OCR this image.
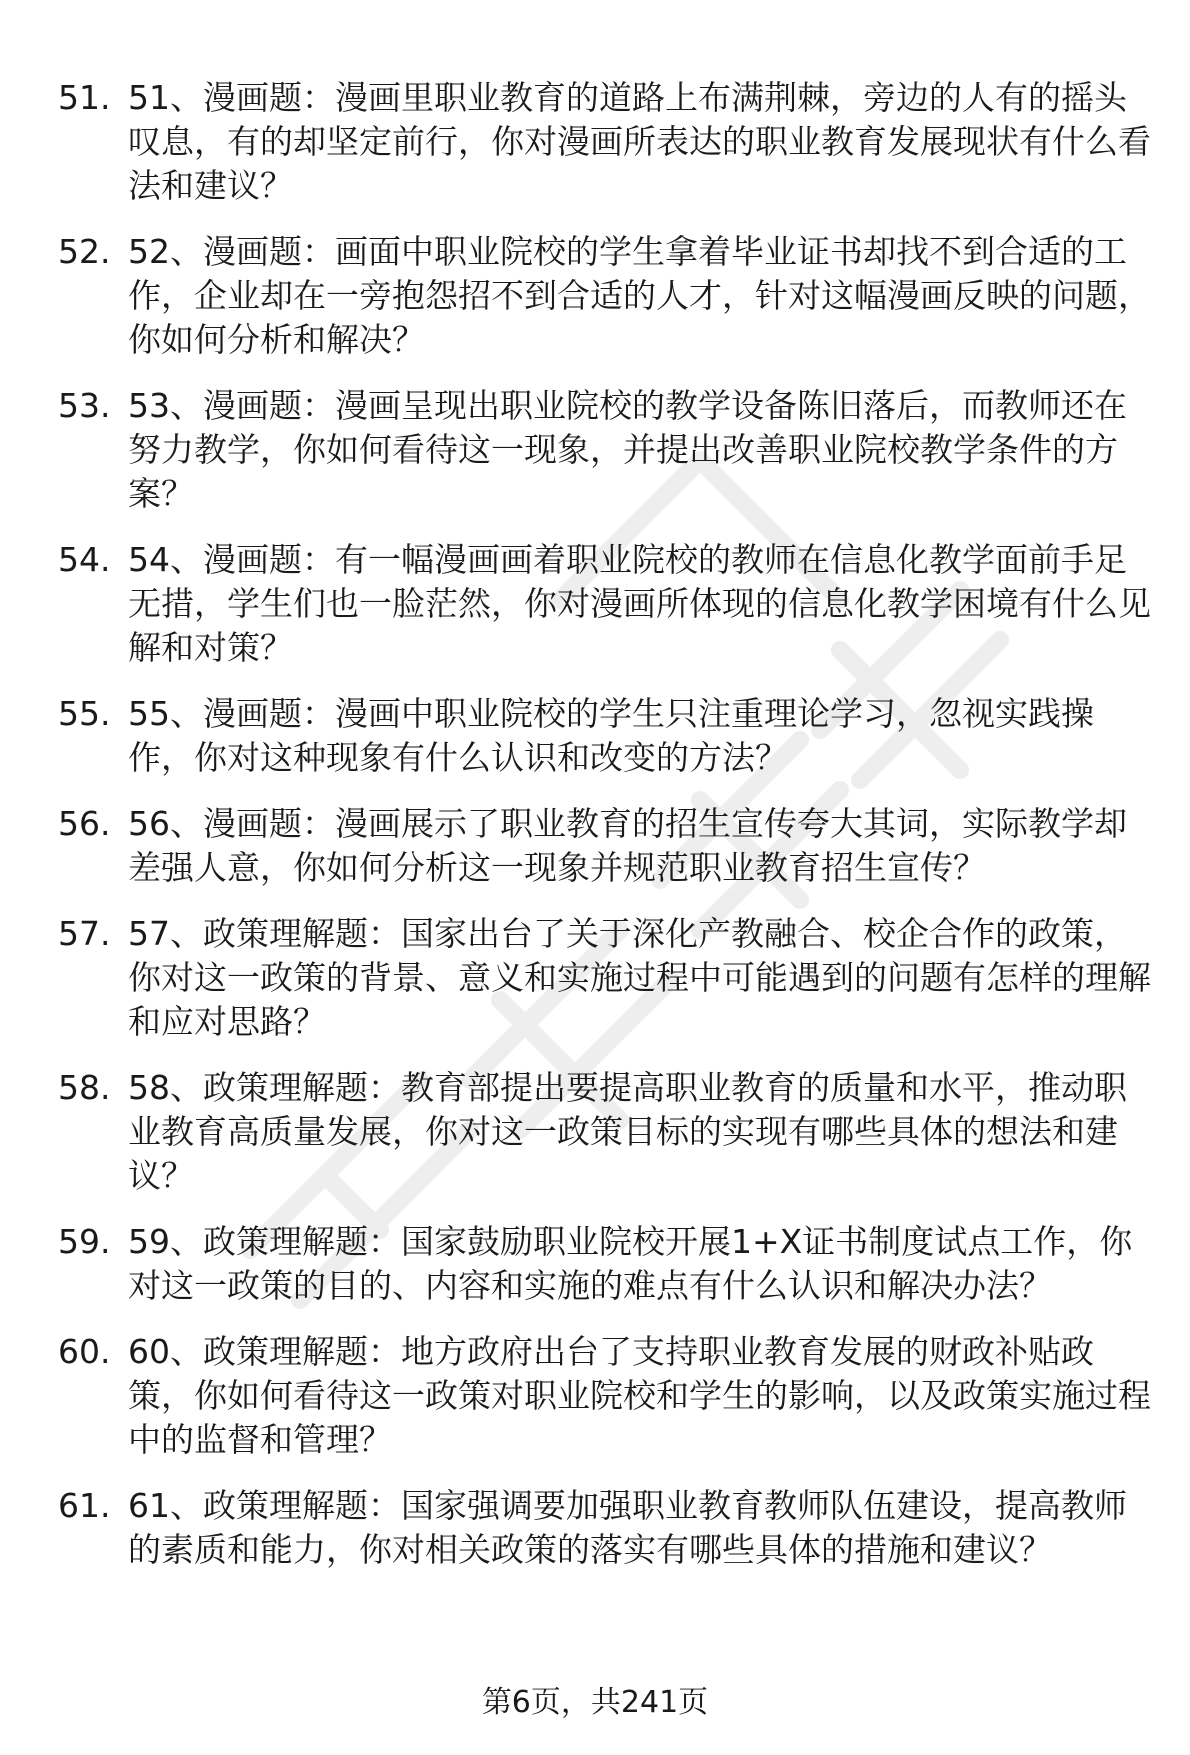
51. 51、漫画题：漫画里职业教育的道路上布满荆棘，旁边的人有的摇头叹息，有的却坚定前行，你对漫画所表达的职业教育发展现状有什么看法和建议？
52. 52、漫画题：画面中职业院校的学生拿着毕业证书却找不到合适的工作，企业却在一旁抱怨招不到合适的人才，针对这幅漫画反映的问题，你如何分析和解决？
53. 53、漫画题：漫画呈现出职业院校的教学设备陈旧落后，而教师还在努力教学，你如何看待这一现象，并提出改善职业院校教学条件的方案？
54. 54、漫画题：有一幅漫画画着职业院校的教师在信息化教学面前手足无措，学生们也一脸茫然，你对漫画所体现的信息化教学困境有什么见解和对策？
55. 55、漫画题：漫画中职业院校的学生只注重理论学习，忽视实践操作，你对这种现象有什么认识和改变的方法？
56. 56、漫画题：漫画展示了职业教育的招生宣传夸大其词，实际教学却差强人意，你如何分析这一现象并规范职业教育招生宣传？
57. 57、政策理解题：国家出台了关于深化产教融合、校企合作的政策，你对这一政策的背景、意义和实施过程中可能遇到的问题有怎样的理解和应对思路？
58. 58、政策理解题：教育部提出要提高职业教育的质量和水平，推动职业教育高质量发展，你对这一政策目标的实现有哪些具体的想法和建议？
59. 59、政策理解题：国家鼓励职业院校开展1+X证书制度试点工作，你对这一政策的目的、内容和实施的难点有什么认识和解决办法？
60. 60、政策理解题：地方政府出台了支持职业教育发展的财政补贴政策，你如何看待这一政策对职业院校和学生的影响，以及政策实施过程中的监督和管理？
61. 61、政策理解题：国家强调要加强职业教育教师队伍建设，提高教师的素质和能力，你对相关政策的落实有哪些具体的措施和建议？
第6页，共241页
